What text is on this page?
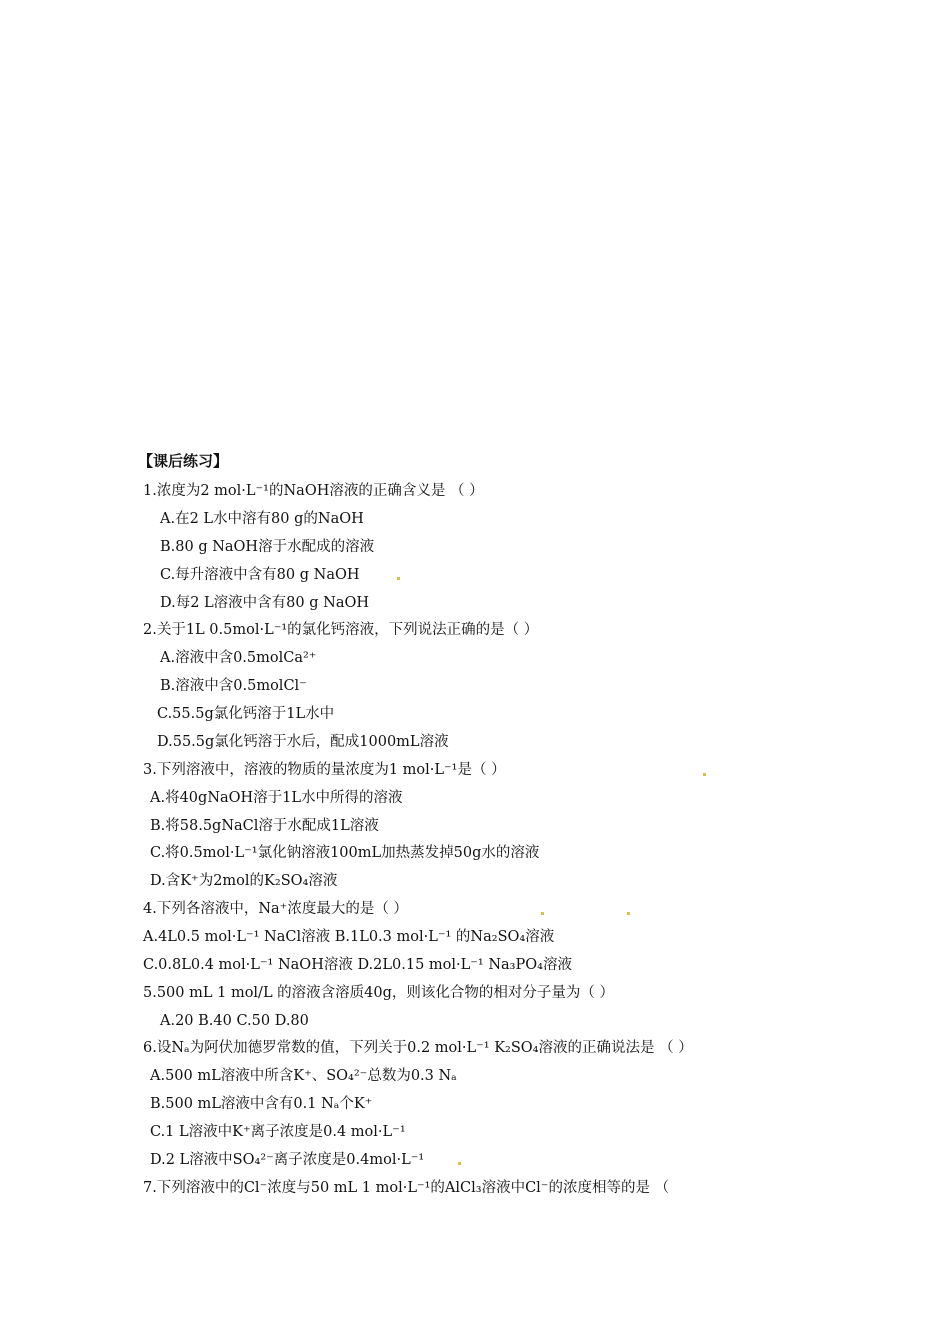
【课后练习】
1.浓度为2 mol·L⁻¹的NaOH溶液的正确含义是 （ ）
A.在2 L水中溶有80 g的NaOH
B.80 g NaOH溶于水配成的溶液
C.每升溶液中含有80 g NaOH
D.每2 L溶液中含有80 g NaOH
2.关于1L 0.5mol·L⁻¹的氯化钙溶液，下列说法正确的是（ ）
A.溶液中含0.5molCa²⁺
B.溶液中含0.5molCl⁻
C.55.5g氯化钙溶于1L水中
D.55.5g氯化钙溶于水后，配成1000mL溶液
3.下列溶液中，溶液的物质的量浓度为1 mol·L⁻¹是（ ）
A.将40gNaOH溶于1L水中所得的溶液
B.将58.5gNaCl溶于水配成1L溶液
C.将0.5mol·L⁻¹氯化钠溶液100mL加热蒸发掉50g水的溶液
D.含K⁺为2mol的K₂SO₄溶液
4.下列各溶液中，Na⁺浓度最大的是（ ）
A.4L0.5 mol·L⁻¹ NaCl溶液 B.1L0.3 mol·L⁻¹ 的Na₂SO₄溶液
C.0.8L0.4 mol·L⁻¹ NaOH溶液 D.2L0.15 mol·L⁻¹ Na₃PO₄溶液
5.500 mL 1 mol/L 的溶液含溶质40g，则该化合物的相对分子量为（ ）
A.20 B.40 C.50 D.80
6.设Nₐ为阿伏加德罗常数的值，下列关于0.2 mol·L⁻¹ K₂SO₄溶液的正确说法是 （ ）
A.500 mL溶液中所含K⁺、SO₄²⁻总数为0.3 Nₐ
B.500 mL溶液中含有0.1 Nₐ个K⁺
C.1 L溶液中K⁺离子浓度是0.4 mol·L⁻¹
D.2 L溶液中SO₄²⁻离子浓度是0.4mol·L⁻¹
7.下列溶液中的Cl⁻浓度与50 mL 1 mol·L⁻¹的AlCl₃溶液中Cl⁻的浓度相等的是 （
